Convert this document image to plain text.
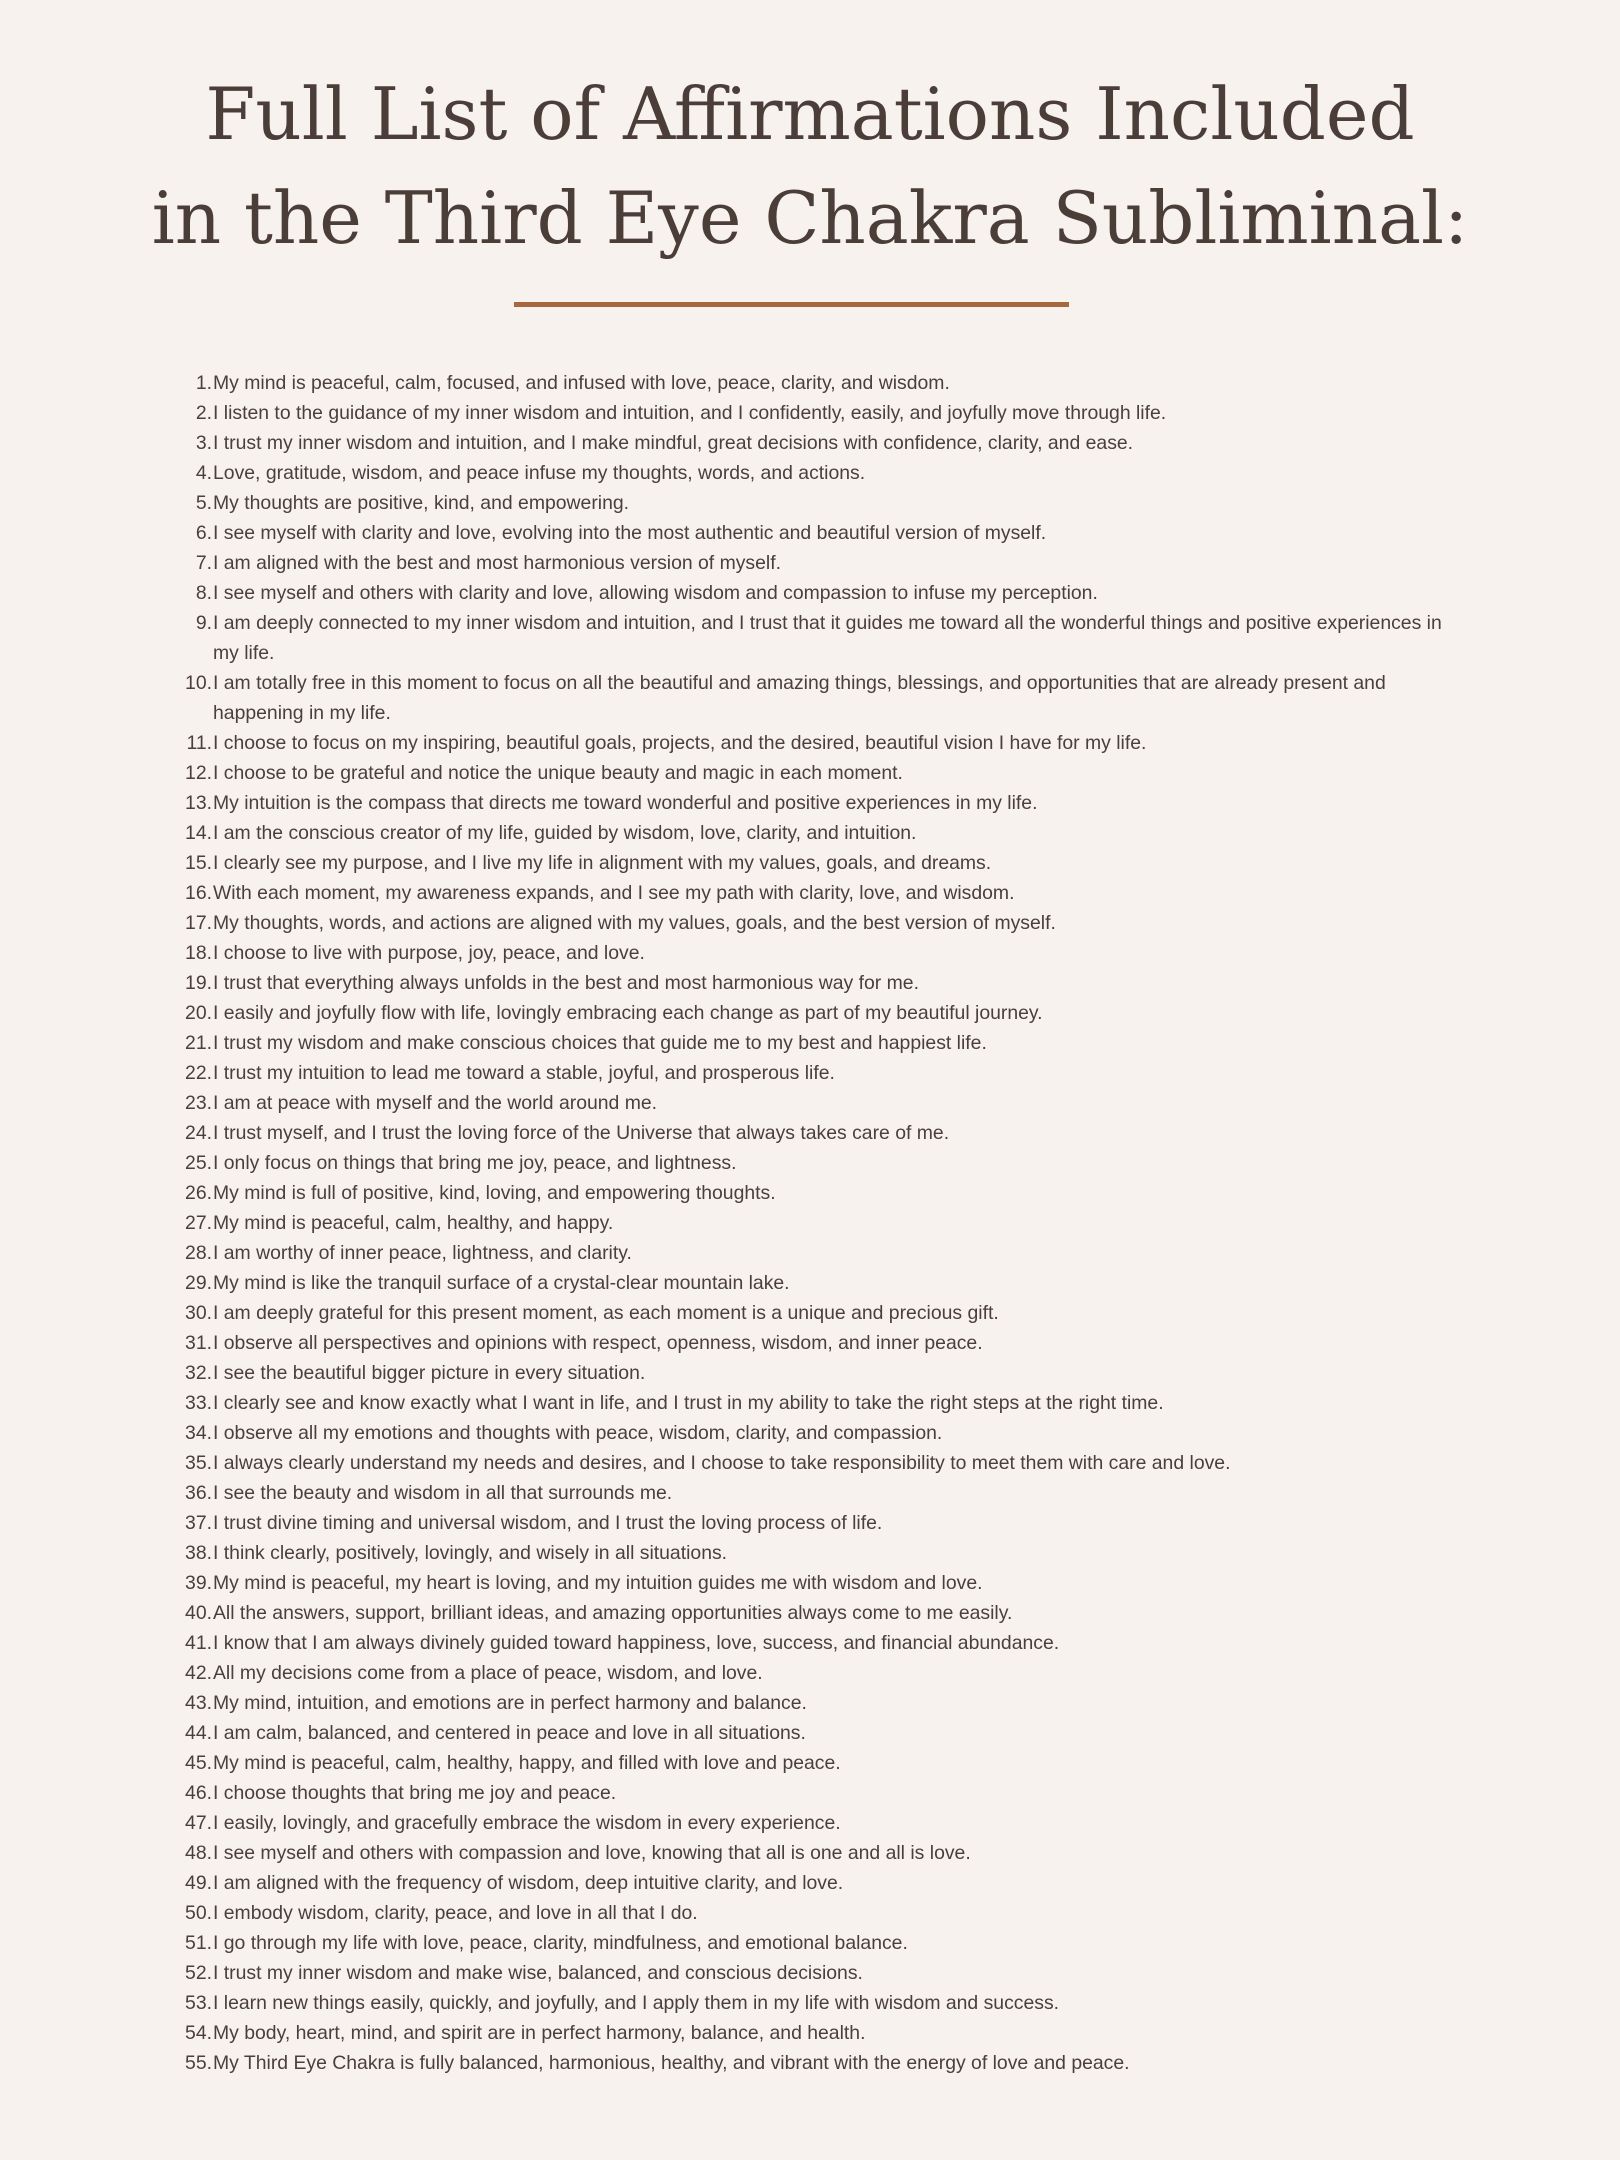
Full List of Affirmations Included
in the Third Eye Chakra Subliminal:
1. My mind is peaceful, calm, focused, and infused with love, peace, clarity, and wisdom.
2. I listen to the guidance of my inner wisdom and intuition, and I confidently, easily, and joyfully move through life.
3. I trust my inner wisdom and intuition, and I make mindful, great decisions with confidence, clarity, and ease.
4. Love, gratitude, wisdom, and peace infuse my thoughts, words, and actions.
5. My thoughts are positive, kind, and empowering.
6. I see myself with clarity and love, evolving into the most authentic and beautiful version of myself.
7. I am aligned with the best and most harmonious version of myself.
8. I see myself and others with clarity and love, allowing wisdom and compassion to infuse my perception.
9. I am deeply connected to my inner wisdom and intuition, and I trust that it guides me toward all the wonderful things and positive experiences in my life.
10. I am totally free in this moment to focus on all the beautiful and amazing things, blessings, and opportunities that are already present and happening in my life.
11. I choose to focus on my inspiring, beautiful goals, projects, and the desired, beautiful vision I have for my life.
12. I choose to be grateful and notice the unique beauty and magic in each moment.
13. My intuition is the compass that directs me toward wonderful and positive experiences in my life.
14. I am the conscious creator of my life, guided by wisdom, love, clarity, and intuition.
15. I clearly see my purpose, and I live my life in alignment with my values, goals, and dreams.
16. With each moment, my awareness expands, and I see my path with clarity, love, and wisdom.
17. My thoughts, words, and actions are aligned with my values, goals, and the best version of myself.
18. I choose to live with purpose, joy, peace, and love.
19. I trust that everything always unfolds in the best and most harmonious way for me.
20. I easily and joyfully flow with life, lovingly embracing each change as part of my beautiful journey.
21. I trust my wisdom and make conscious choices that guide me to my best and happiest life.
22. I trust my intuition to lead me toward a stable, joyful, and prosperous life.
23. I am at peace with myself and the world around me.
24. I trust myself, and I trust the loving force of the Universe that always takes care of me.
25. I only focus on things that bring me joy, peace, and lightness.
26. My mind is full of positive, kind, loving, and empowering thoughts.
27. My mind is peaceful, calm, healthy, and happy.
28. I am worthy of inner peace, lightness, and clarity.
29. My mind is like the tranquil surface of a crystal-clear mountain lake.
30. I am deeply grateful for this present moment, as each moment is a unique and precious gift.
31. I observe all perspectives and opinions with respect, openness, wisdom, and inner peace.
32. I see the beautiful bigger picture in every situation.
33. I clearly see and know exactly what I want in life, and I trust in my ability to take the right steps at the right time.
34. I observe all my emotions and thoughts with peace, wisdom, clarity, and compassion.
35. I always clearly understand my needs and desires, and I choose to take responsibility to meet them with care and love.
36. I see the beauty and wisdom in all that surrounds me.
37. I trust divine timing and universal wisdom, and I trust the loving process of life.
38. I think clearly, positively, lovingly, and wisely in all situations.
39. My mind is peaceful, my heart is loving, and my intuition guides me with wisdom and love.
40. All the answers, support, brilliant ideas, and amazing opportunities always come to me easily.
41. I know that I am always divinely guided toward happiness, love, success, and financial abundance.
42. All my decisions come from a place of peace, wisdom, and love.
43. My mind, intuition, and emotions are in perfect harmony and balance.
44. I am calm, balanced, and centered in peace and love in all situations.
45. My mind is peaceful, calm, healthy, happy, and filled with love and peace.
46. I choose thoughts that bring me joy and peace.
47. I easily, lovingly, and gracefully embrace the wisdom in every experience.
48. I see myself and others with compassion and love, knowing that all is one and all is love.
49. I am aligned with the frequency of wisdom, deep intuitive clarity, and love.
50. I embody wisdom, clarity, peace, and love in all that I do.
51. I go through my life with love, peace, clarity, mindfulness, and emotional balance.
52. I trust my inner wisdom and make wise, balanced, and conscious decisions.
53. I learn new things easily, quickly, and joyfully, and I apply them in my life with wisdom and success.
54. My body, heart, mind, and spirit are in perfect harmony, balance, and health.
55. My Third Eye Chakra is fully balanced, harmonious, healthy, and vibrant with the energy of love and peace.
